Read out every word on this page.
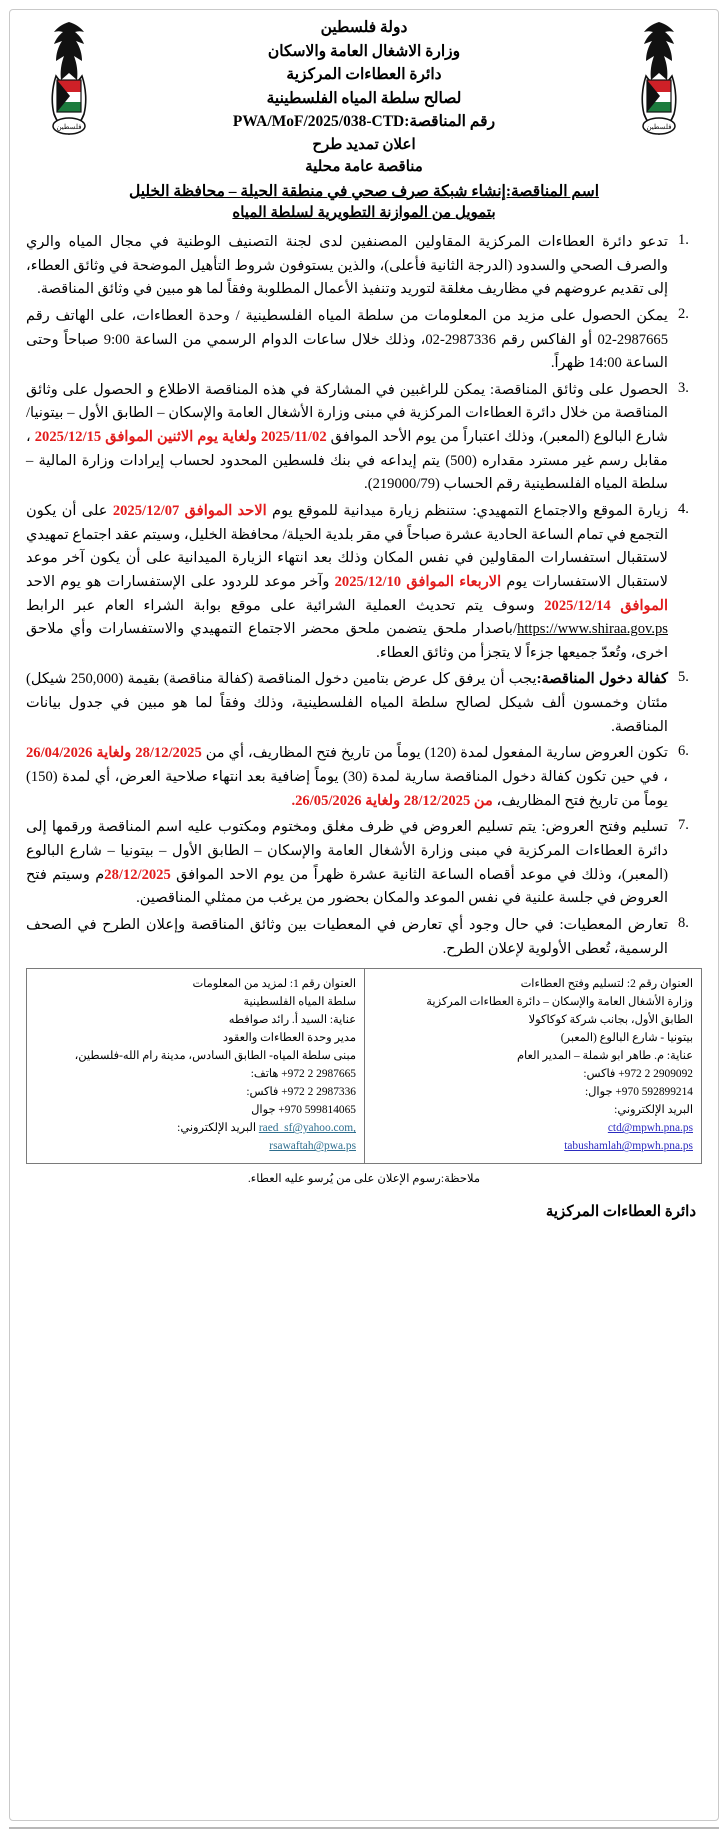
فلسطين
فلسطين
دولة فلسطين
وزارة الاشغال العامة والاسكان
دائرة العطاءات المركزية
لصالح سلطة المياه الفلسطينية
رقم المناقصة:PWA/MoF/2025/038-CTD
اعلان تمديد طرح
مناقصة عامة محلية
اسم المناقصة:إنشاء شبكة صرف صحي في منطقة الحيلة – محافظة الخليل
بتمويل من الموازنة التطويرية لسلطة المياه
1.
تدعو دائرة العطاءات المركزية المقاولين المصنفين لدى لجنة التصنيف الوطنية في مجال المياه والري والصرف الصحي والسدود (الدرجة الثانية فأعلى)، والذين يستوفون شروط التأهيل الموضحة في وثائق العطاء، إلى تقديم عروضهم في مظاريف مغلقة لتوريد وتنفيذ الأعمال المطلوبة وفقاً لما هو مبين في وثائق المناقصة.
2.
يمكن الحصول على مزيد من المعلومات من سلطة المياه الفلسطينية / وحدة العطاءات، على الهاتف رقم 02-2987665 أو الفاكس رقم 02-2987336، وذلك خلال ساعات الدوام الرسمي من الساعة 9:00 صباحاً وحتى الساعة 14:00 ظهراً.
3.
الحصول على وثائق المناقصة: يمكن للراغبين في المشاركة في هذه المناقصة الاطلاع و الحصول على وثائق المناقصة من خلال دائرة العطاءات المركزية في مبنى وزارة الأشغال العامة والإسكان – الطابق الأول – بيتونيا/شارع البالوع (المعبر)، وذلك اعتباراً من يوم الأحد الموافق 2025/11/02 ولغاية يوم الاثنين الموافق 2025/12/15 ، مقابل رسم غير مسترد مقداره (500) يتم إيداعه في بنك فلسطين المحدود لحساب إيرادات وزارة المالية – سلطة المياه الفلسطينية رقم الحساب (219000/79).
4.
زيارة الموقع والاجتماع التمهيدي: ستنظم زيارة ميدانية للموقع يوم الاحد الموافق 2025/12/07 على أن يكون التجمع في تمام الساعة الحادية عشرة صباحاً في مقر بلدية الحيلة/ محافظة الخليل، وسيتم عقد اجتماع تمهيدي لاستقبال استفسارات المقاولين في نفس المكان وذلك بعد انتهاء الزيارة الميدانية على أن يكون آخر موعد لاستقبال الاستفسارات يوم الاربعاء الموافق 2025/12/10 وآخر موعد للردود على الإستفسارات هو يوم الاحد الموافق 2025/12/14 وسوف يتم تحديث العملية الشرائية على موقع بوابة الشراء العام عبر الرابط https://www.shiraa.gov.ps/باصدار ملحق يتضمن ملحق محضر الاجتماع التمهيدي والاستفسارات وأي ملاحق اخرى، وتُعدّ جميعها جزءاً لا يتجزأ من وثائق العطاء.
5.
كفالة دخول المناقصة:يجب أن يرفق كل عرض بتامين دخول المناقصة (كفالة مناقصة) بقيمة (250,000 شيكل) مئتان وخمسون ألف شيكل لصالح سلطة المياه الفلسطينية، وذلك وفقاً لما هو مبين في جدول بيانات المناقصة.
6.
تكون العروض سارية المفعول لمدة (120) يوماً من تاريخ فتح المظاريف، أي من 28/12/2025 ولغاية 26/04/2026 ، في حين تكون كفالة دخول المناقصة سارية لمدة (30) يوماً إضافية بعد انتهاء صلاحية العرض، أي لمدة (150) يوماً من تاريخ فتح المظاريف، من 28/12/2025 ولغاية 26/05/2026.
7.
تسليم وفتح العروض: يتم تسليم العروض في ظرف مغلق ومختوم ومكتوب عليه اسم المناقصة ورقمها إلى دائرة العطاءات المركزية في مبنى وزارة الأشغال العامة والإسكان – الطابق الأول – بيتونيا – شارع البالوع (المعبر)، وذلك في موعد أقصاه الساعة الثانية عشرة ظهراً من يوم الاحد الموافق 28/12/2025م وسيتم فتح العروض في جلسة علنية في نفس الموعد والمكان بحضور من يرغب من ممثلي المناقصين.
8.
تعارض المعطيات: في حال وجود أي تعارض في المعطيات بين وثائق المناقصة وإعلان الطرح في الصحف الرسمية، تُعطى الأولوية لإعلان الطرح.
العنوان رقم 2: لتسليم وفتح العطاءات
وزارة الأشغال العامة والإسكان – دائرة العطاءات المركزية
الطابق الأول، بجانب شركة كوكاكولا
بيتونيا - شارع البالوع (المعبر)
عناية: م. طاهر ابو شملة – المدير العام
+972 2 2909092 فاكس:
+970 592899214 جوال:
البريد الإلكتروني:
ctd@mpwh.pna.ps
tabushamlah@mpwh.pna.ps
العنوان رقم 1: لمزيد من المعلومات
سلطة المياه الفلسطينية
عناية: السيد أ. رائد صوافطه
مدير وحدة العطاءات والعقود
مبنى سلطة المياه- الطابق السادس، مدينة رام الله-فلسطين،
+972 2 2987665 هاتف:
+972 2 2987336 فاكس:
+970 599814065 جوال
raed_sf@yahoo.com, البريد الإلكتروني:
rsawaftah@pwa.ps
ملاحظة:رسوم الإعلان على من يُرسو عليه العطاء.
دائرة العطاءات المركزية
